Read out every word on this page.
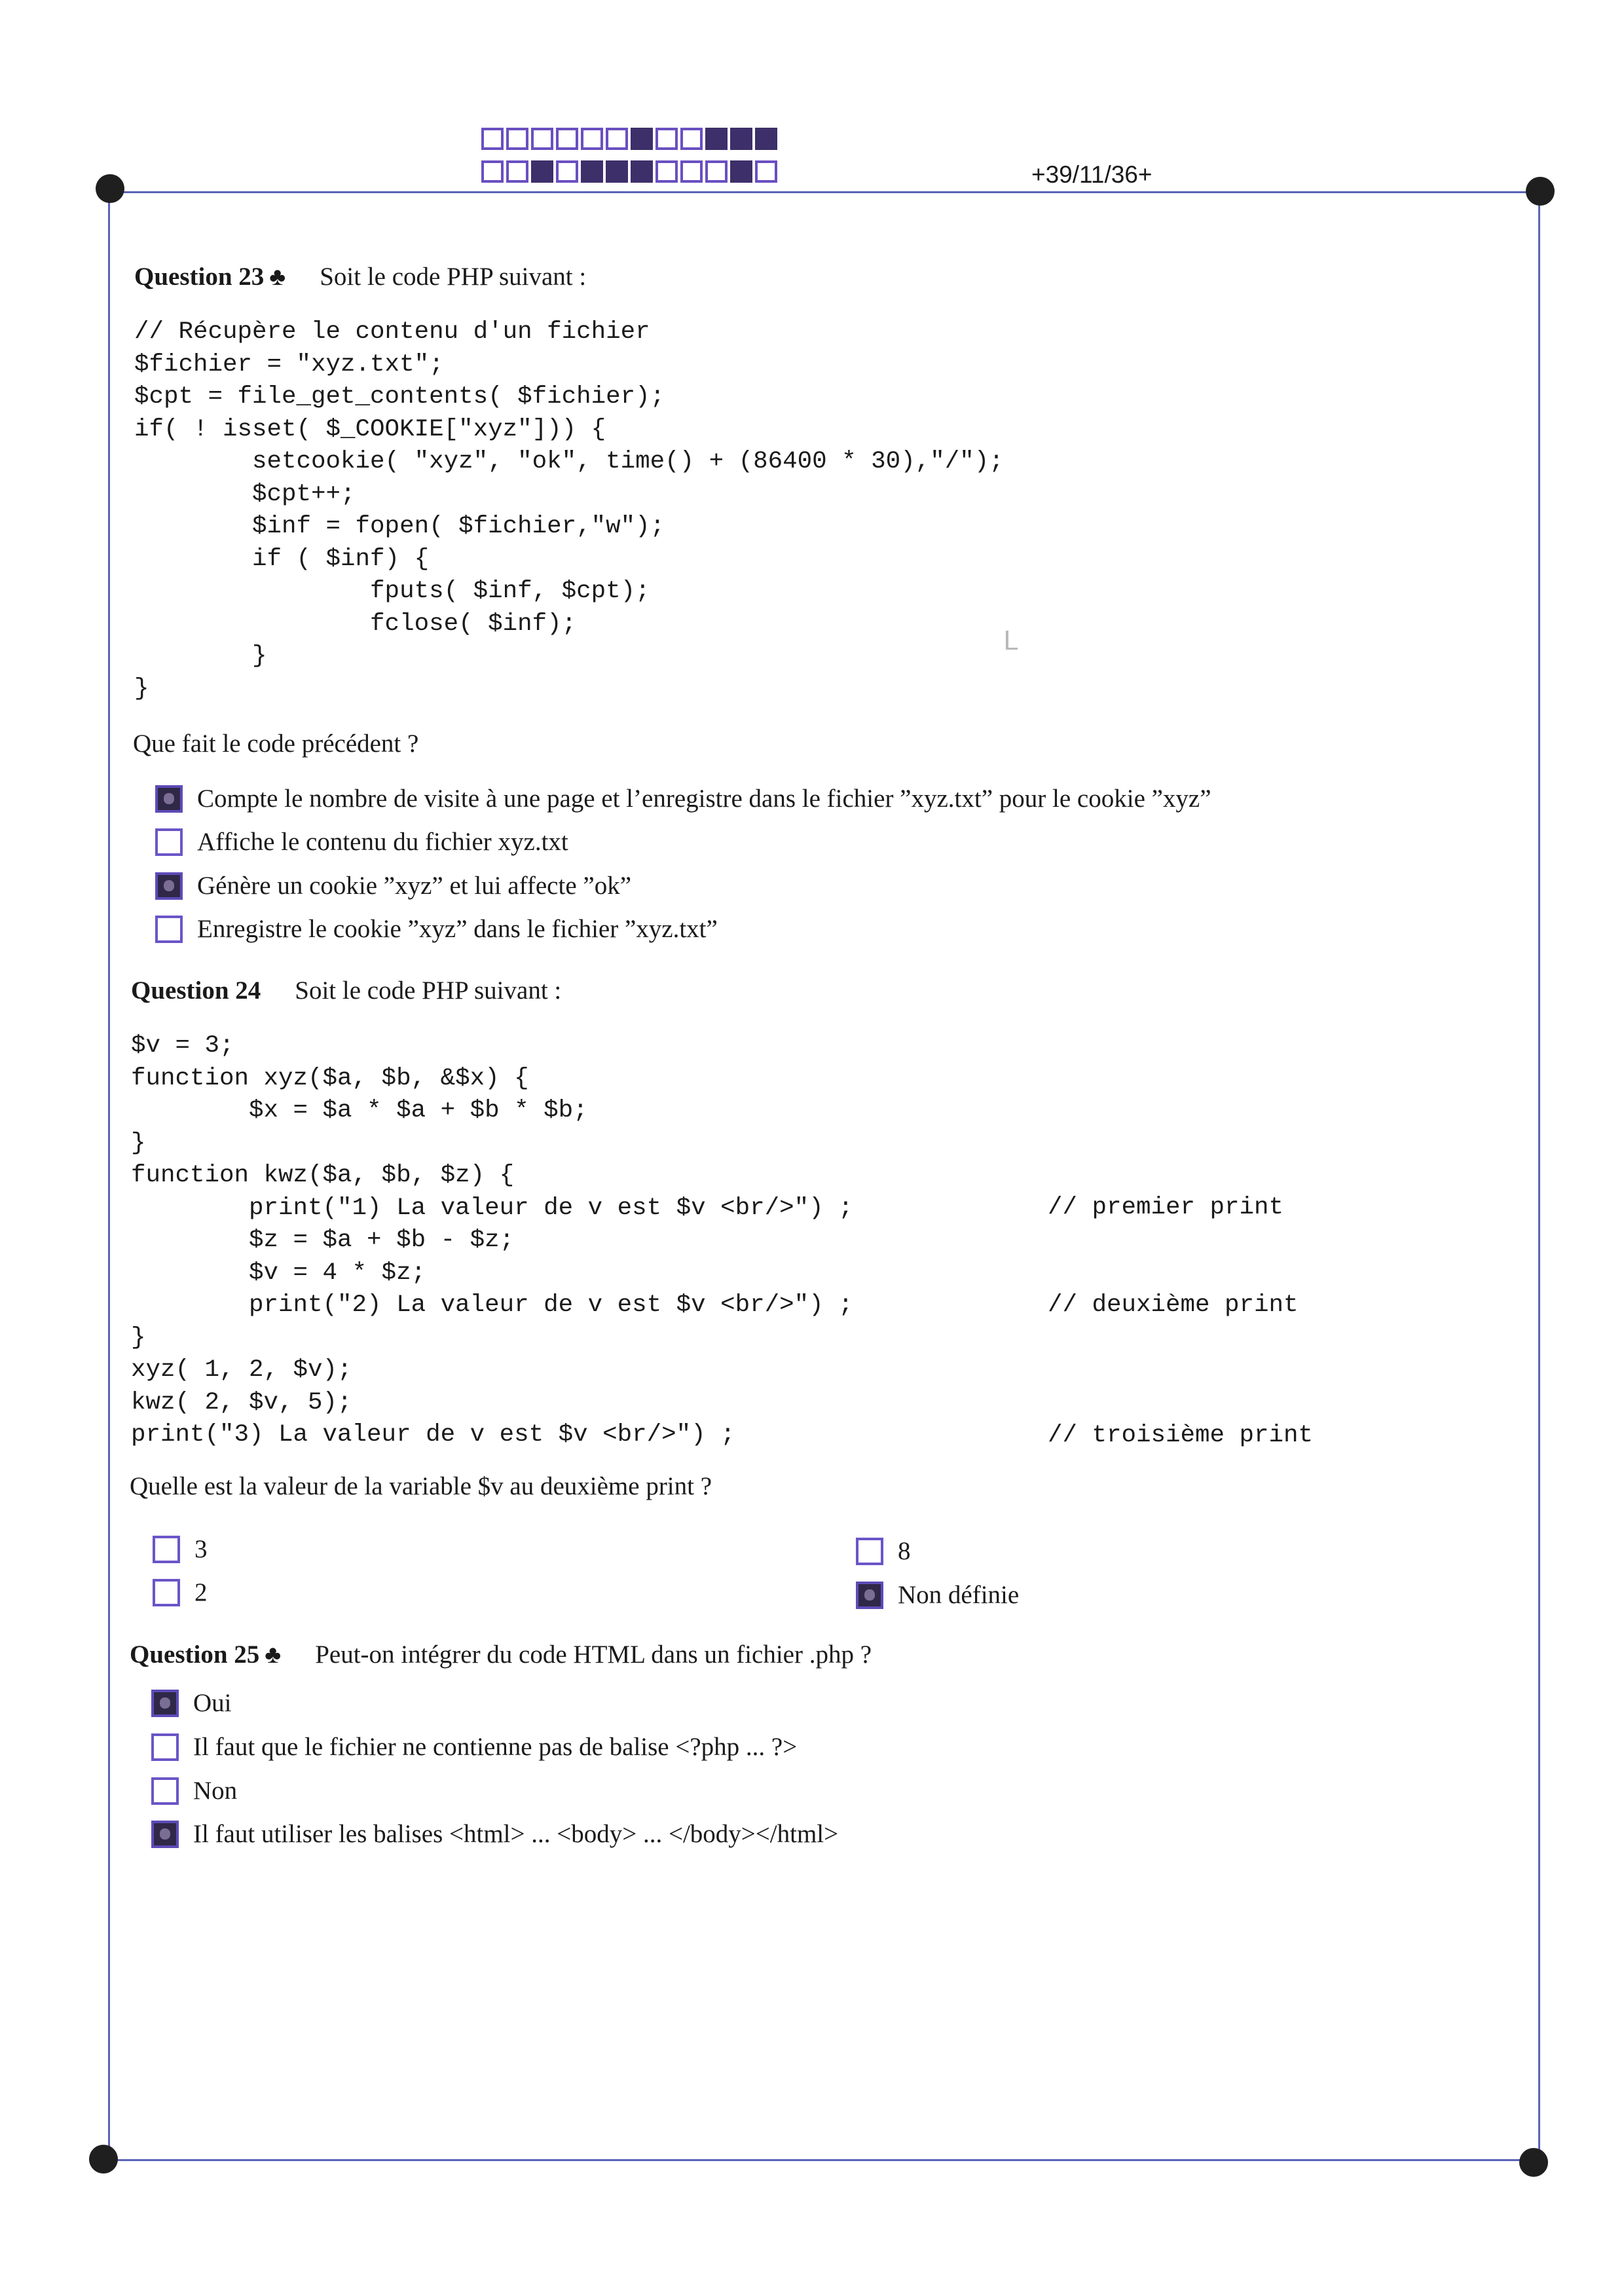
+39/11/36+
Question 23 ♣ Soit le code PHP suivant :
// Récupère le contenu d'un fichier
$fichier = "xyz.txt";
$cpt = file_get_contents( $fichier);
if( ! isset( $_COOKIE["xyz"])) {
setcookie( "xyz", "ok", time() + (86400 * 30),"/");
$cpt++;
$inf = fopen( $fichier,"w");
if ( $inf) {
fputs( $inf, $cpt);
fclose( $inf);
}
}
Que fait le code précédent ?
Compte le nombre de visite à une page et l’enregistre dans le fichier ”xyz.txt” pour le cookie ”xyz”
Affiche le contenu du fichier xyz.txt
Génère un cookie ”xyz” et lui affecte ”ok”
Enregistre le cookie ”xyz” dans le fichier ”xyz.txt”
Question 24 Soit le code PHP suivant :
$v = 3;
function xyz($a, $b, &$x) {
$x = $a * $a + $b * $b;
}
function kwz($a, $b, $z) {
print("1) La valeur de v est $v <br/>") ;
$z = $a + $b - $z;
$v = 4 * $z;
print("2) La valeur de v est $v <br/>") ;
}
xyz( 1, 2, $v);
kwz( 2, $v, 5);
print("3) La valeur de v est $v <br/>") ;
// premier print
// deuxième print
// troisième print
Quelle est la valeur de la variable $v au deuxième print ?
3
2
8
Non définie
Question 25 ♣ Peut-on intégrer du code HTML dans un fichier .php ?
Oui
Il faut que le fichier ne contienne pas de balise <?php ... ?>
Non
Il faut utiliser les balises <html> ... <body> ... </body></html>
ᒪ
